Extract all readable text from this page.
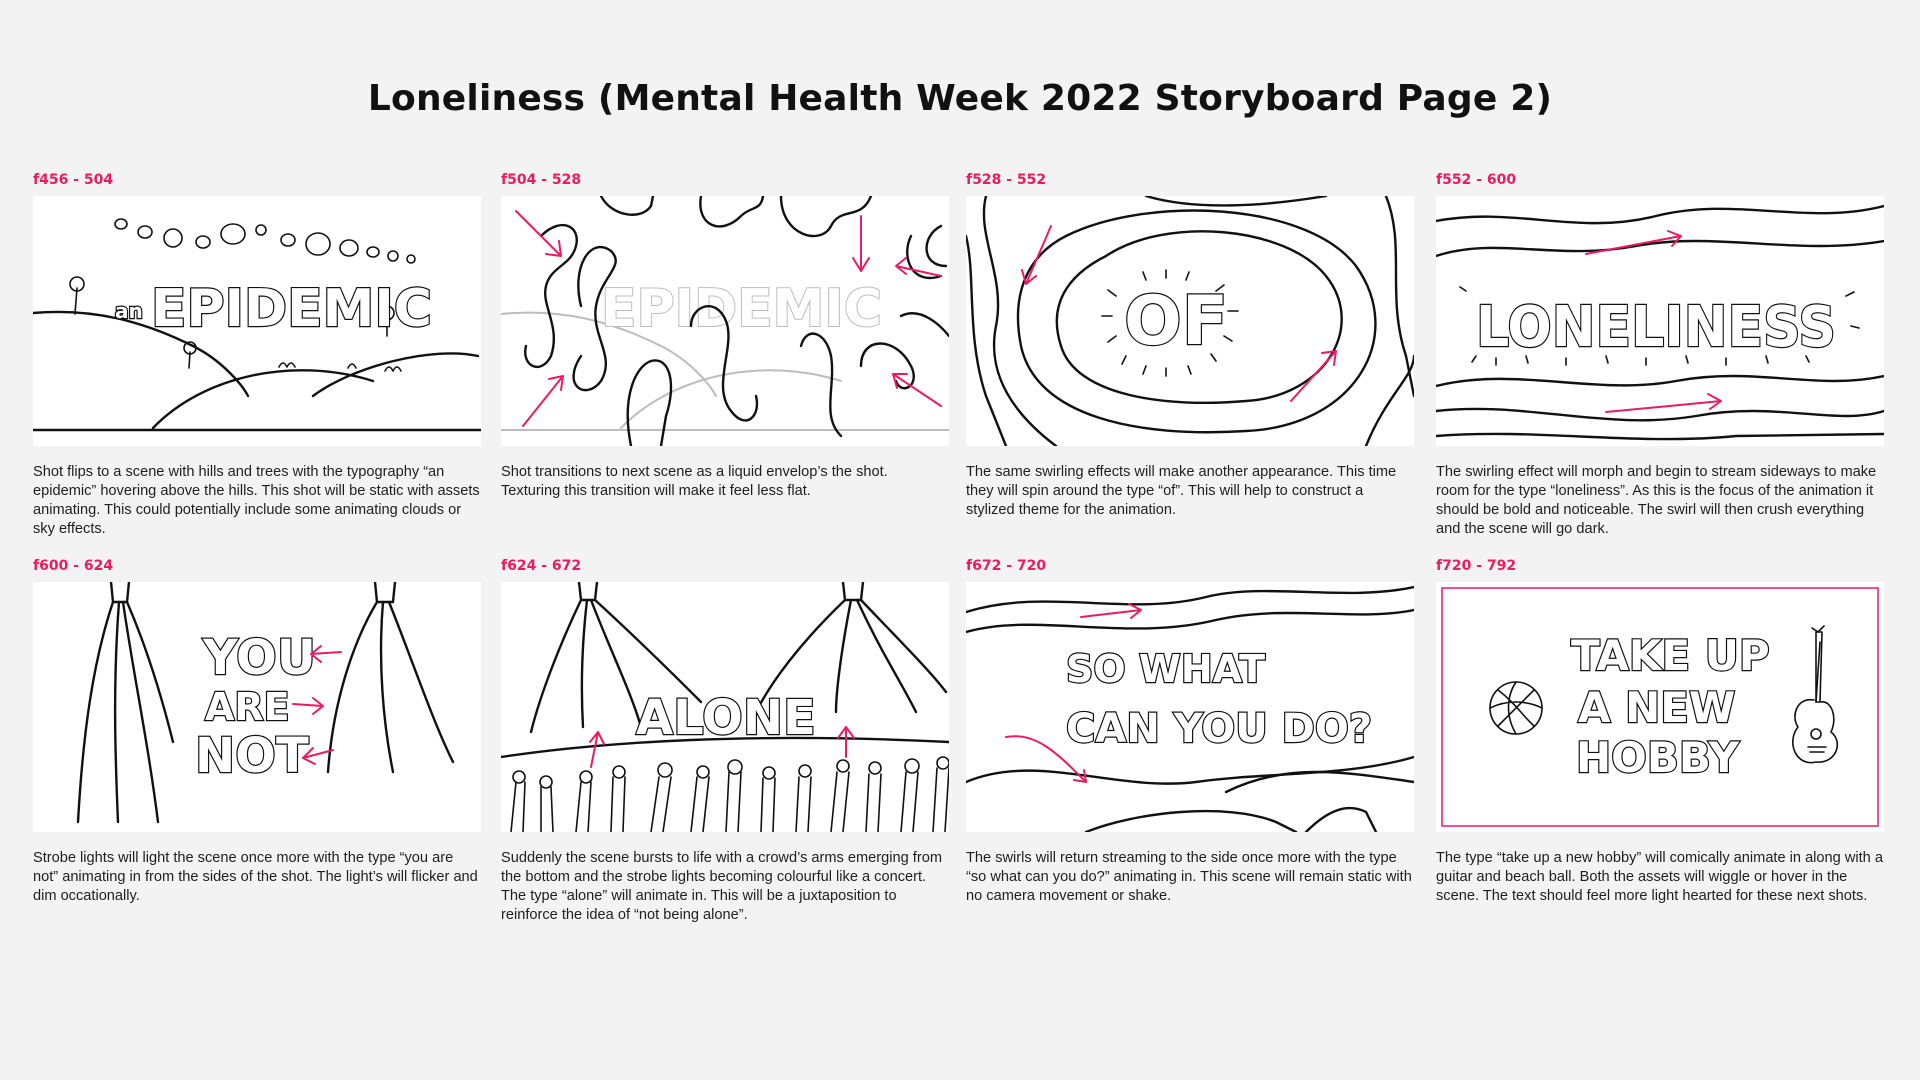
Loneliness (Mental Health Week 2022 Storyboard Page 2)
f456 - 504
an EPIDEMIC
Shot flips to a scene with hills and trees with the typography “an epidemic” hovering above the hills. This shot will be static with assets animating. This could potentially include some animating clouds or sky effects.
f504 - 528
EPIDEMIC
Shot transitions to next scene as a liquid envelop’s the shot. Texturing this transition will make it feel less flat.
f528 - 552
OF
The same swirling effects will make another appearance. This time they will spin around the type “of”. This will help to construct a stylized theme for the animation.
f552 - 600
LONELINESS
The swirling effect will morph and begin to stream sideways to make room for the type “loneliness”. As this is the focus of the animation it should be bold and noticeable. The swirl will then crush everything and the scene will go dark.
f600 - 624
YOU
ARE
NOT
Strobe lights will light the scene once more with the type “you are not” animating in from the sides of the shot. The light’s will flicker and dim occationally.
f624 - 672
ALONE
Suddenly the scene bursts to life with a crowd’s arms emerging from the bottom and the strobe lights becoming colourful like a concert. The type “alone” will animate in. This will be a juxtaposition to reinforce the idea of “not being alone”.
f672 - 720
SO WHAT
CAN YOU DO?
The swirls will return streaming to the side once more with the type “so what can you do?” animating in. This scene will remain static with no camera movement or shake.
f720 - 792
TAKE UP
A NEW
HOBBY
The type “take up a new hobby” will comically animate in along with a guitar and beach ball. Both the assets will wiggle or hover in the scene. The text should feel more light hearted for these next shots.
